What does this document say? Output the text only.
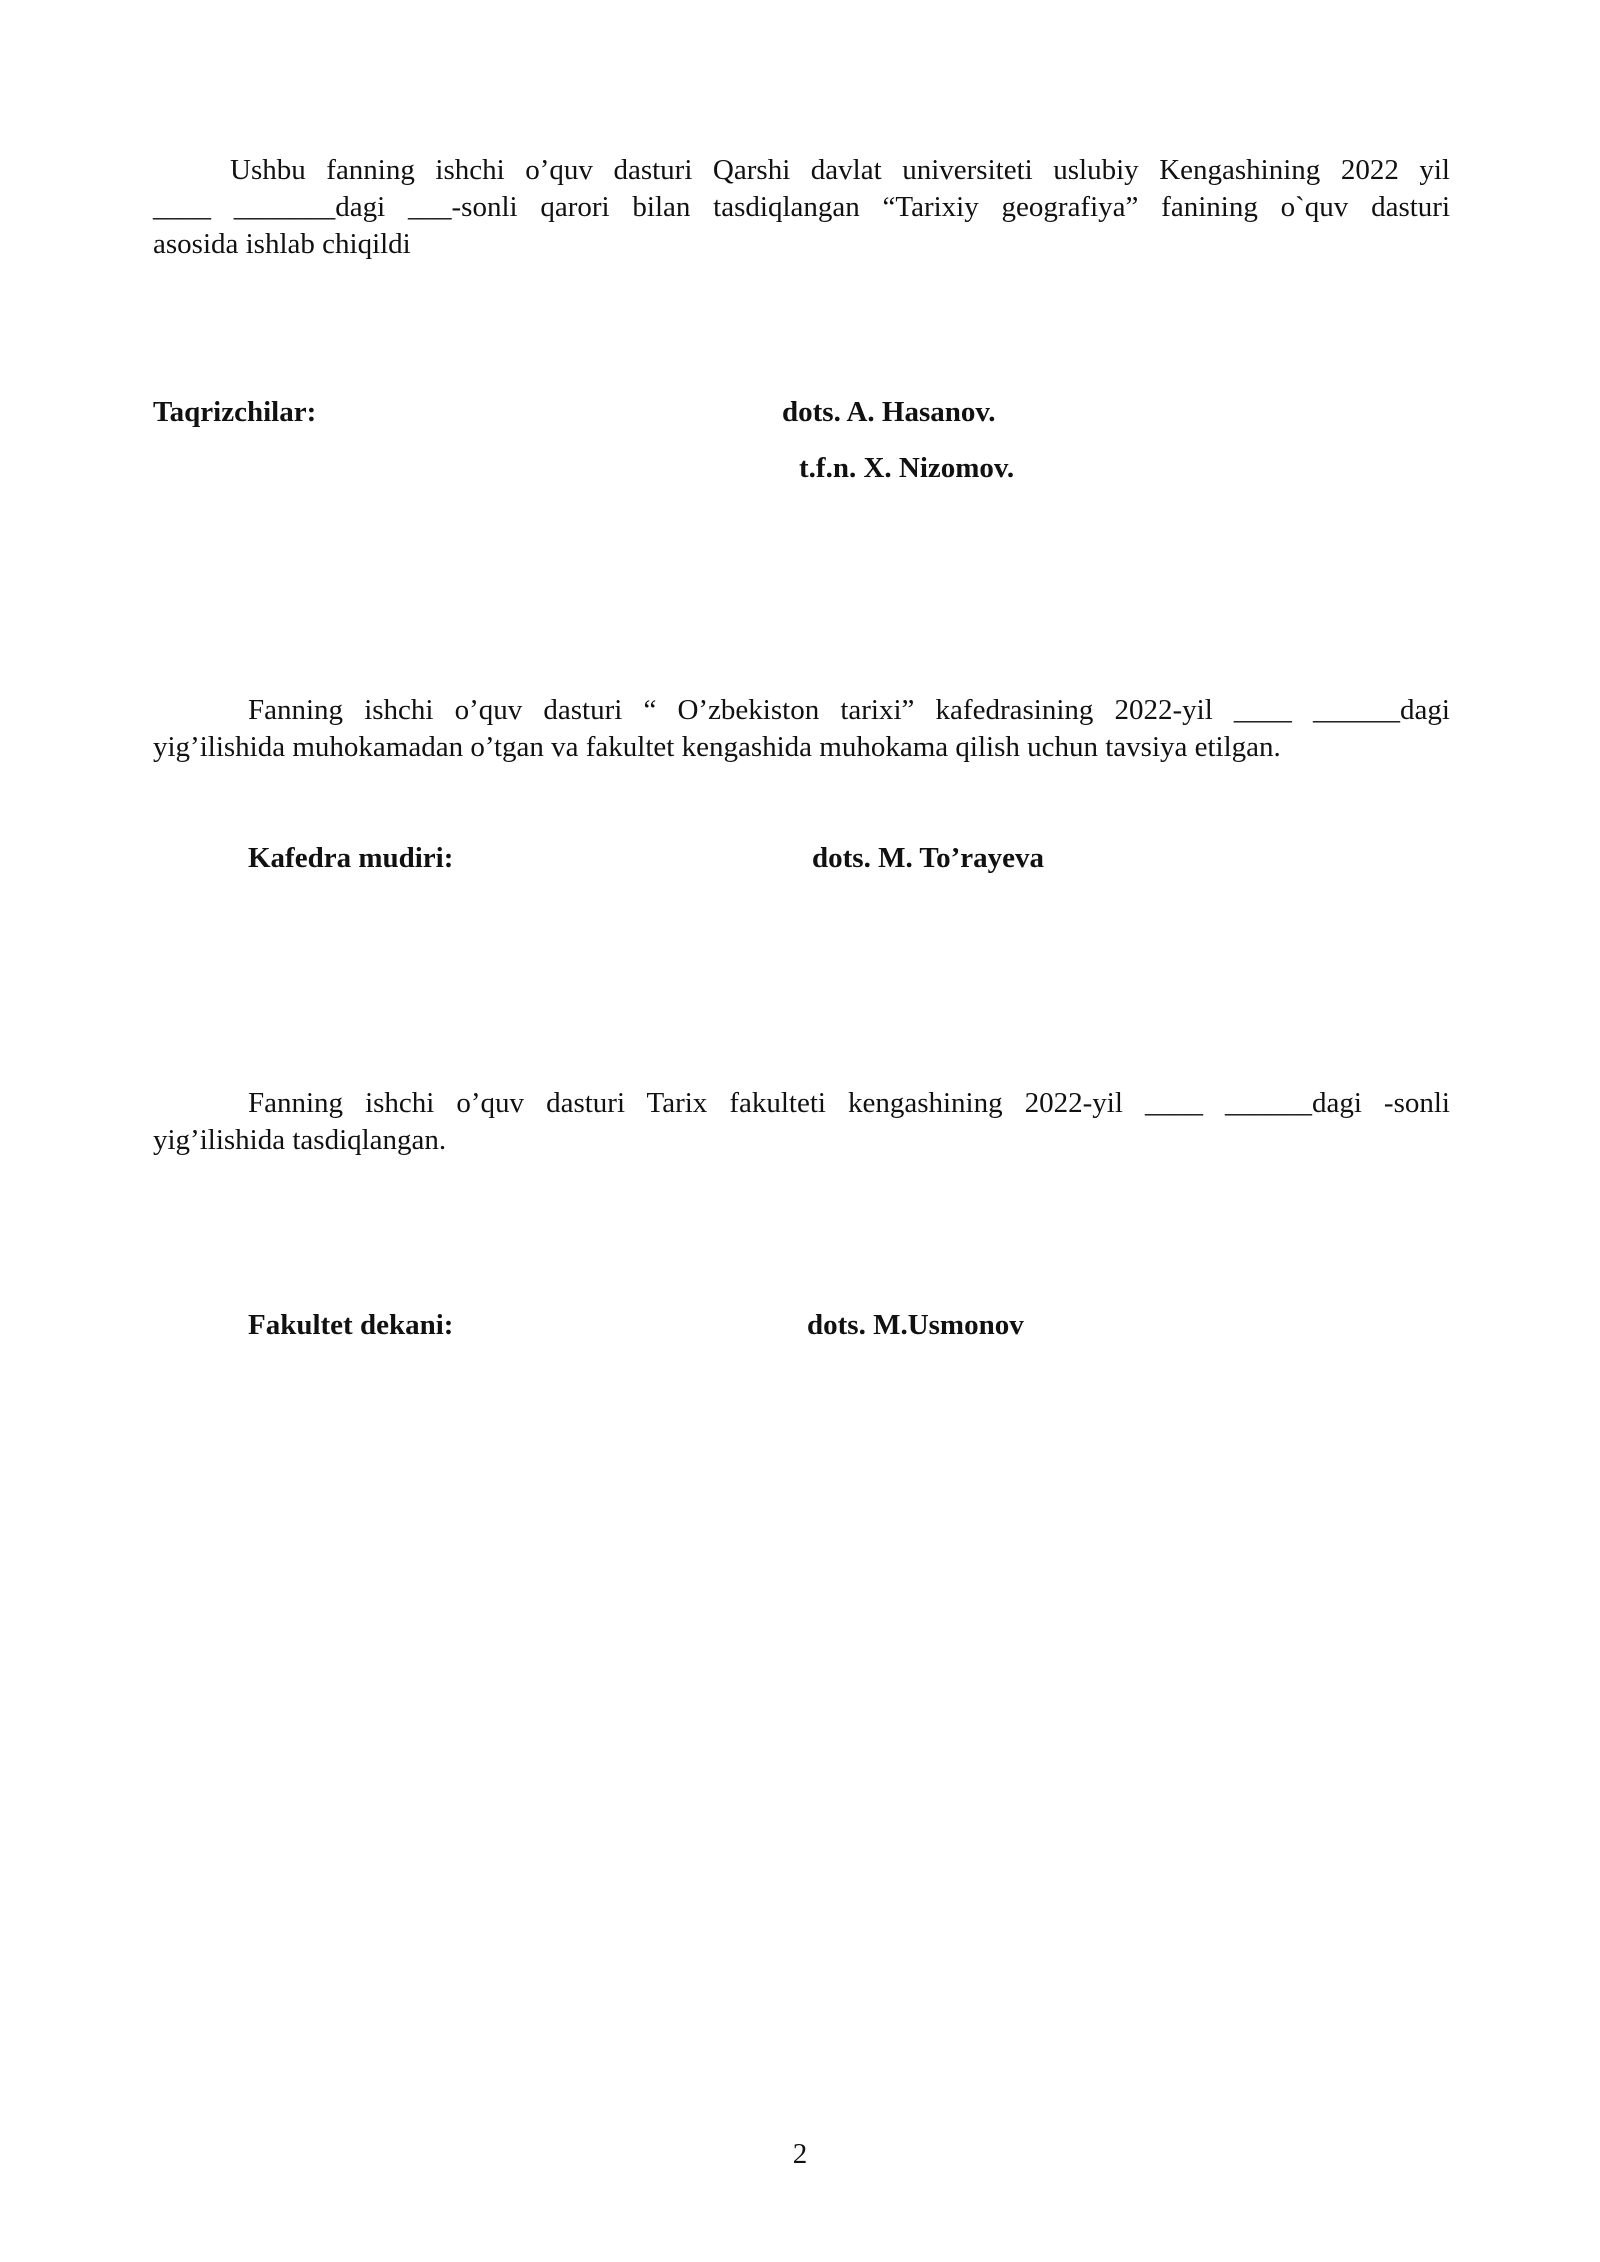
Ushbu fanning ishchi o’quv dasturi Qarshi davlat universiteti uslubiy Kengashining 2022 yil
____ _______dagi ___-sonli qarori bilan tasdiqlangan “Tarixiy geografiya” fanining o`quv dasturi
asosida ishlab chiqildi
Taqrizchilar:	dots. A. Hasanov.
t.f.n. X. Nizomov.
Fanning ishchi o’quv dasturi “ O’zbekiston tarixi” kafedrasining 2022-yil ____ ______dagi
yig’ilishida muhokamadan o’tgan va fakultet kengashida muhokama qilish uchun tavsiya etilgan.
Kafedra mudiri:	dots. M. To’rayeva
Fanning ishchi o’quv dasturi Tarix fakulteti kengashining 2022-yil ____ ______dagi -sonli
yig’ilishida tasdiqlangan.
Fakultet dekani:	dots. M.Usmonov
2
